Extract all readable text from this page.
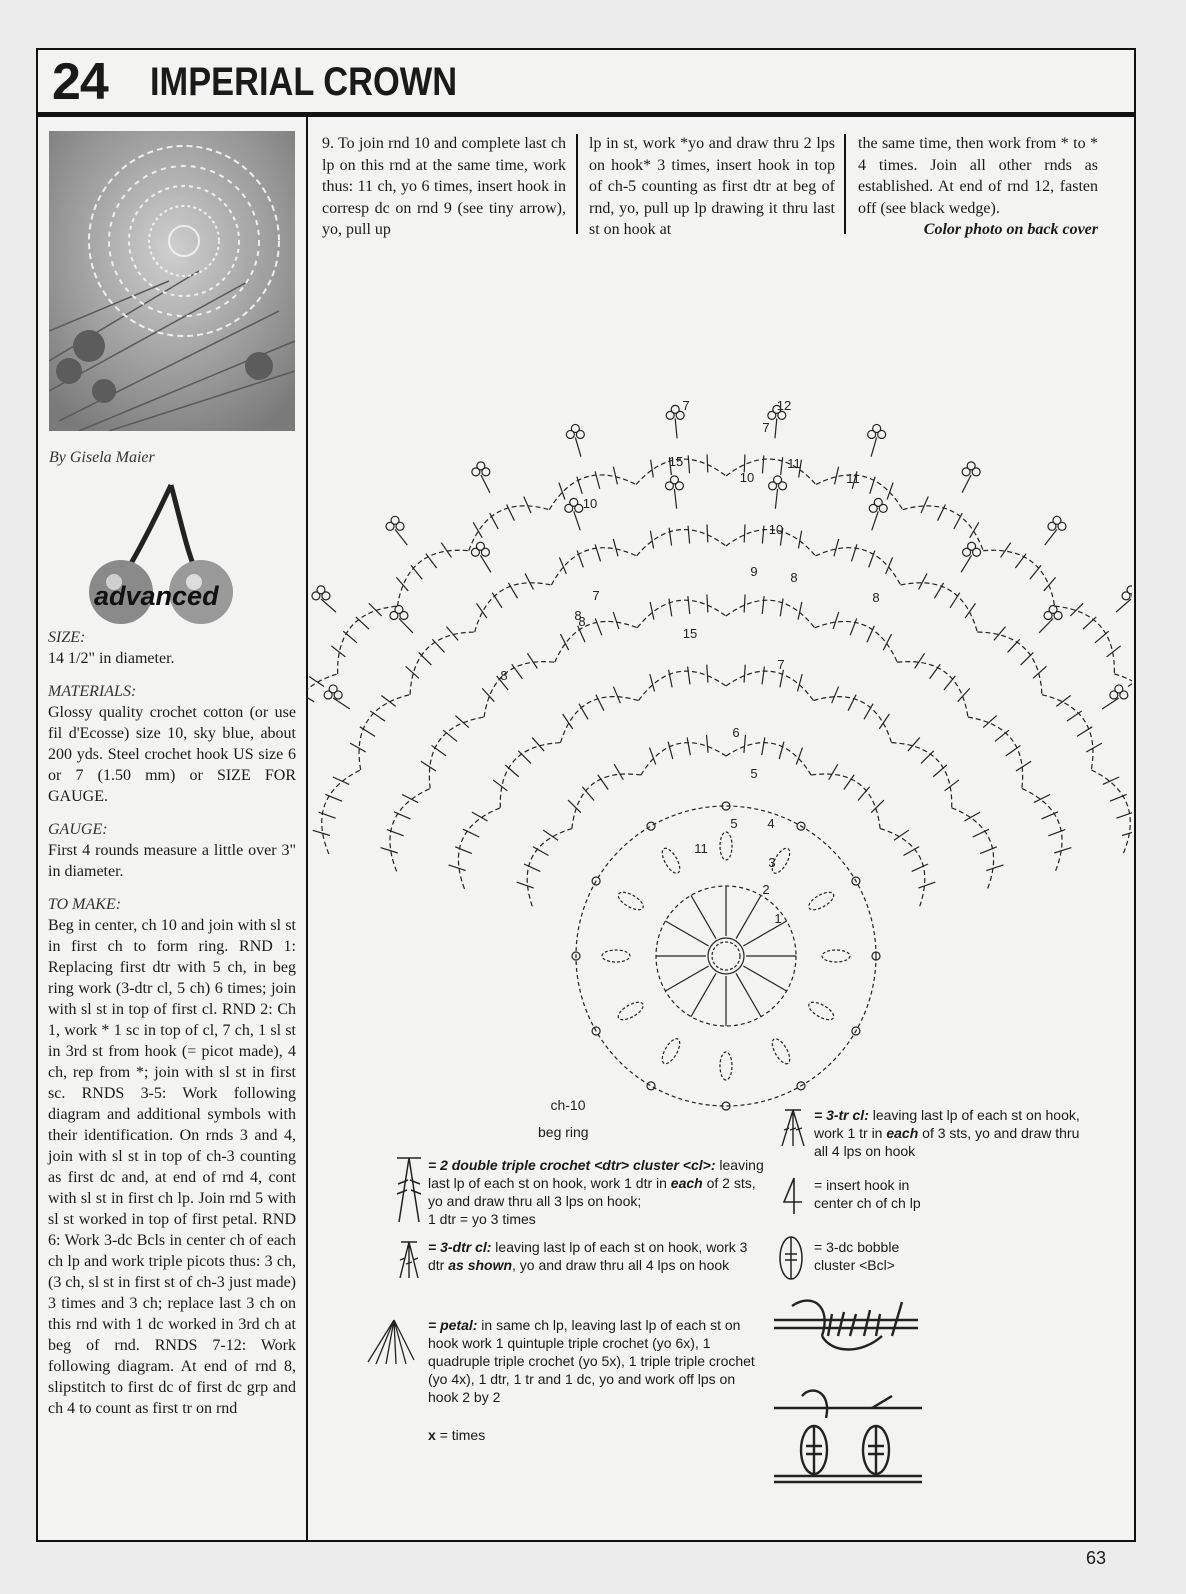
24 IMPERIAL CROWN
By Gisela Maier
advanced
SIZE:
14 1/2" in diameter.
MATERIALS:
Glossy quality crochet cotton (or use fil d'Ecosse) size 10, sky blue, about 200 yds. Steel crochet hook US size 6 or 7 (1.50 mm) or SIZE FOR GAUGE.
GAUGE:
First 4 rounds measure a little over 3" in diameter.
TO MAKE:
Beg in center, ch 10 and join with sl st in first ch to form ring. RND 1: Replacing first dtr with 5 ch, in beg ring work (3-dtr cl, 5 ch) 6 times; join with sl st in top of first cl. RND 2: Ch 1, work * 1 sc in top of cl, 7 ch, 1 sl st in 3rd st from hook (= picot made), 4 ch, rep from *; join with sl st in first sc. RNDS 3-5: Work following diagram and additional symbols with their identification. On rnds 3 and 4, join with sl st in top of ch-3 counting as first dc and, at end of rnd 4, cont with sl st in first ch lp. Join rnd 5 with sl st worked in top of first petal. RND 6: Work 3-dc Bcls in center ch of each ch lp and work triple picots thus: 3 ch, (3 ch, sl st in first st of ch-3 just made) 3 times and 3 ch; replace last 3 ch on this rnd with 1 dc worked in 3rd ch at beg of rnd. RNDS 7-12: Work following diagram. At end of rnd 8, slipstitch to first dc of first dc grp and ch 4 to count as first tr on rnd
9. To join rnd 10 and complete last ch lp on this rnd at the same time, work thus: 11 ch, yo 6 times, insert hook in corresp dc on rnd 9 (see tiny arrow), yo, pull up
lp in st, work *yo and draw thru 2 lps on hook* 3 times, insert hook in top of ch-5 counting as first dtr at beg of rnd, yo, pull up lp drawing it thru last st on hook at
the same time, then work from * to * 4 times. Join all other rnds as established. At end of rnd 12, fasten off (see black wedge).
Color photo on back cover
7
7
12
11
15
10	11
10
10
9
7
8
8
8
8
15
7
6
5
5 4
3
2
1
11
8
ch-10
beg ring
= 2 double triple crochet <dtr> cluster <cl>: leaving last lp of each st on hook, work 1 dtr in each of 2 sts, yo and draw thru all 3 lps on hook;
1 dtr = yo 3 times
= 3-dtr cl: leaving last lp of each st on hook, work 3 dtr as shown, yo and draw thru all 4 lps on hook
= petal: in same ch lp, leaving last lp of each st on hook work 1 quintuple triple crochet (yo 6x), 1 quadruple triple crochet (yo 5x), 1 triple triple crochet (yo 4x), 1 dtr, 1 tr and 1 dc, yo and work off lps on hook 2 by 2
x = times
= 3-tr cl: leaving last lp of each st on hook, work 1 tr in each of 3 sts, yo and draw thru all 4 lps on hook
= insert hook in
center ch of ch lp
= 3-dc bobble
cluster <Bcl>
63
